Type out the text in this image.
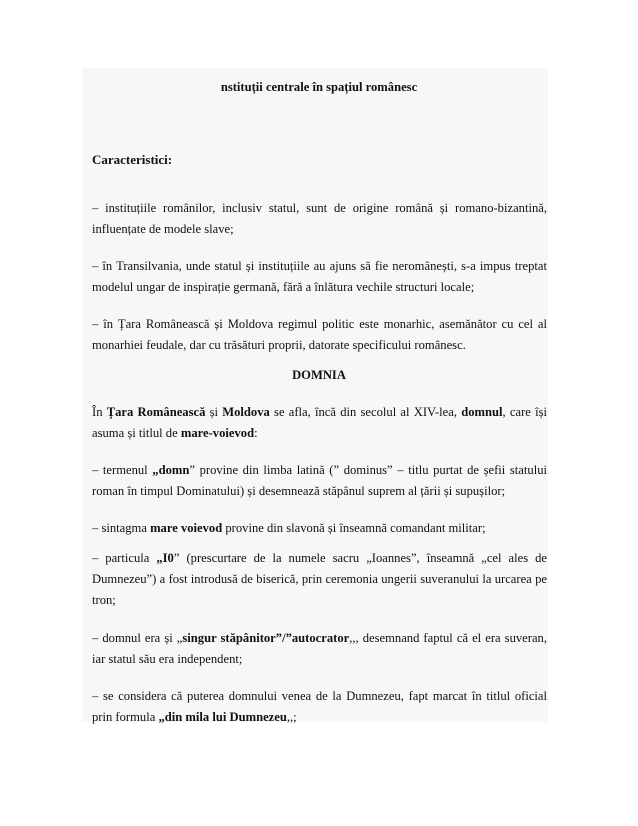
nstituții centrale în spațiul românesc
Caracteristici:

– instituțiile românilor, inclusiv statul, sunt de origine română și romano-bizantină, influențate de modele slave;

– în Transilvania, unde statul și instituțiile au ajuns să fie neromânești, s-a impus treptat modelul ungar de inspirație germană, fără a înlătura vechile structuri locale;

– în Țara Românească și Moldova regimul politic este monarhic, asemănător cu cel al monarhiei feudale, dar cu trăsături proprii, datorate specificului românesc.

DOMNIA

În Țara Românească și Moldova se afla, încă din secolul al XIV-lea, domnul, care își asuma și titlul de mare-voievod:

– termenul „domn” provine din limba latină (” dominus” – titlu purtat de șefii statului roman în timpul Dominatului) și desemnează stăpânul suprem al țării și supușilor;

– sintagma mare voievod provine din slavonă și înseamnă comandant militar;

– particula „I0” (prescurtare de la numele sacru „Ioannes”, înseamnă „cel ales de Dumnezeu”) a fost introdusă de biserică, prin ceremonia ungerii suveranului la urcarea pe tron;

– domnul era și „singur stăpânitor”/”autocrator,,, desemnand faptul că el era suveran, iar statul său era independent;

– se considera că puterea domnului venea de la Dumnezeu, fapt marcat în titlul oficial prin formula „din mila lui Dumnezeu,,;
